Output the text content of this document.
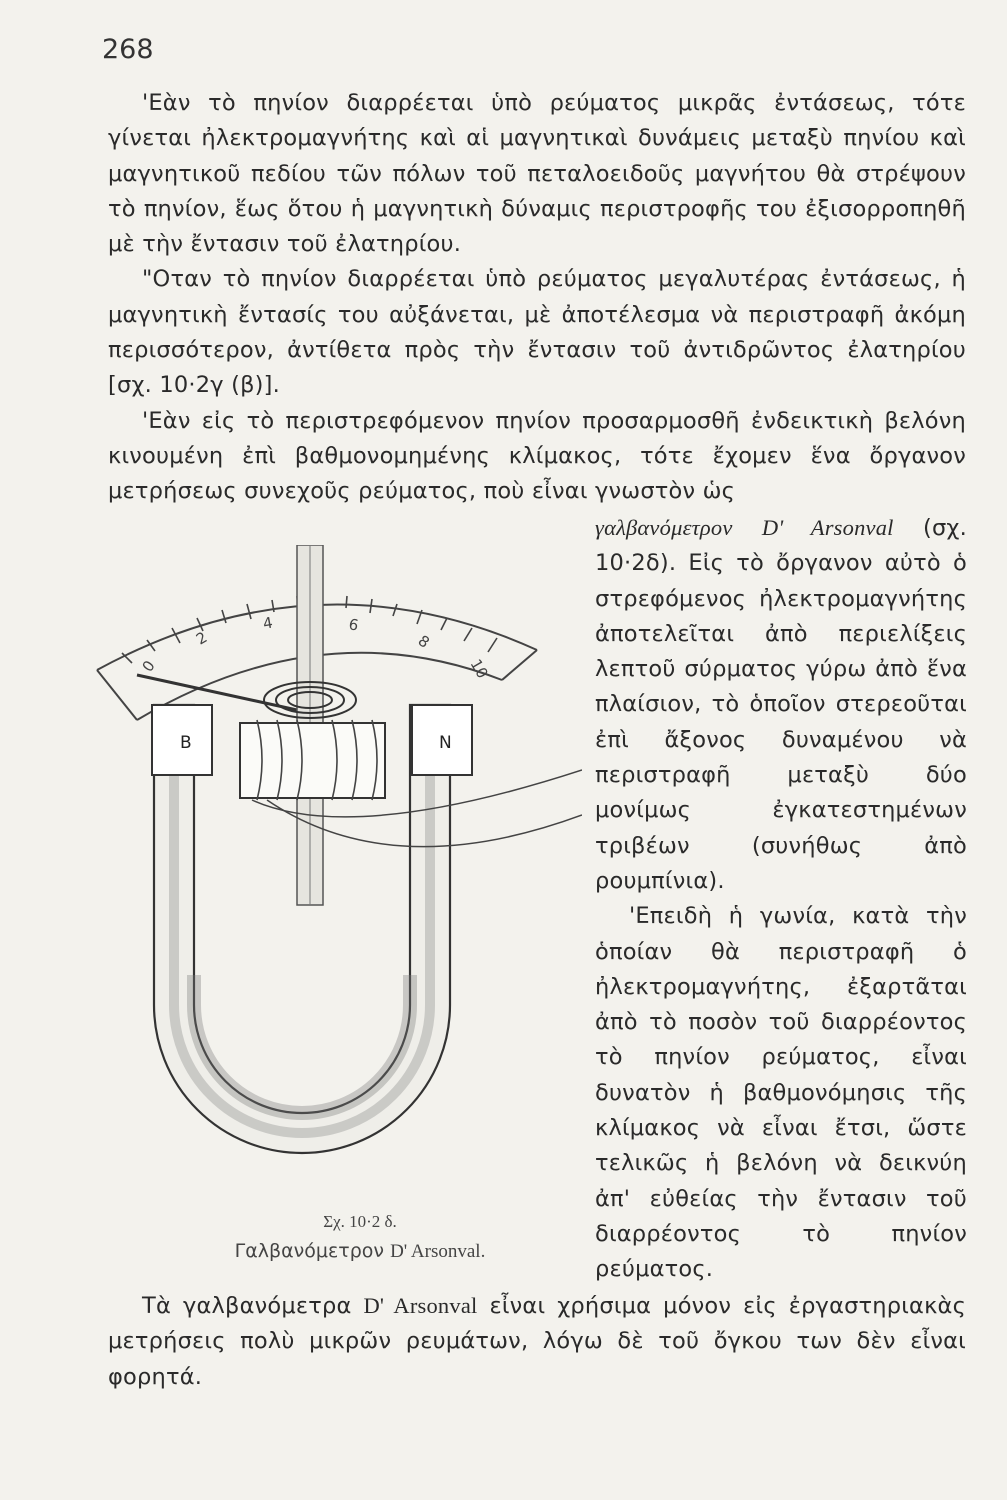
268

'Εὰν τὸ πηνίον διαρρέεται ὑπὸ ρεύματος μικρᾶς ἐντάσεως, τότε γίνεται ἠλεκτρομαγνήτης καὶ αἱ μαγνητικαὶ δυνάμεις μεταξὺ πηνίου καὶ μαγνητικοῦ πεδίου τῶν πόλων τοῦ πεταλοειδοῦς μαγνήτου θὰ στρέψουν τὸ πηνίον, ἕως ὅτου ἡ μαγνητικὴ δύναμις περιστροφῆς του ἐξισορροπηθῆ μὲ τὴν ἔντασιν τοῦ ἐλατηρίου.

"Οταν τὸ πηνίον διαρρέεται ὑπὸ ρεύματος μεγαλυτέρας ἐντάσεως, ἡ μαγνητικὴ ἔντασίς του αὐξάνεται, μὲ ἀποτέλεσμα νὰ περιστραφῆ ἀκόμη περισσότερον, ἀντίθετα πρὸς τὴν ἔντασιν τοῦ ἀντιδρῶντος ἐλατηρίου [σχ. 10·2γ (β)].

'Εὰν εἰς τὸ περιστρεφόμενον πηνίον προσαρμοσθῆ ἐνδεικτικὴ βελόνη κινουμένη ἐπὶ βαθμονομημένης κλίμακος, τότε ἔχομεν ἕνα ὄργανον μετρήσεως συνεχοῦς ρεύματος, ποὺ εἶναι γνωστὸν ὡς

γαλβανόμετρον D' Arsonval (σχ. 10·2δ). Εἰς τὸ ὄργανον αὐτὸ ὁ στρεφόμενος ἠλεκτρομαγνήτης ἀποτελεῖται ἀπὸ περιελίξεις λεπτοῦ σύρματος γύρω ἀπὸ ἕνα πλαίσιον, τὸ ὁποῖον στερεοῦται ἐπὶ ἄξονος δυναμένου νὰ περιστραφῆ μεταξὺ δύο μονίμως ἐγκατεστημένων τριβέων (συνήθως ἀπὸ ρουμπίνια).

'Επειδὴ ἡ γωνία, κατὰ τὴν ὁποίαν θὰ περιστραφῆ ὁ ἠλεκτρομαγνήτης, ἐξαρτᾶται ἀπὸ τὸ ποσὸν τοῦ διαρρέοντος τὸ πηνίον ρεύματος, εἶναι δυνατὸν ἡ βαθμονόμησις τῆς κλίμακος νὰ εἶναι ἔτσι, ὥστε τελικῶς ἡ βελόνη νὰ δεικνύη ἀπ' εὐθείας τὴν ἔντασιν τοῦ διαρρέοντος τὸ πηνίον ρεύματος.

0
2
4	6
8
10
B	N
Σχ. 10·2 δ.
Γαλβανόμετρον D' Arsonval.

Τὰ γαλβανόμετρα D' Arsonval εἶναι χρήσιμα μόνον εἰς ἐργαστηριακὰς μετρήσεις πολὺ μικρῶν ρευμάτων, λόγω δὲ τοῦ ὄγκου των δὲν εἶναι φορητά.
